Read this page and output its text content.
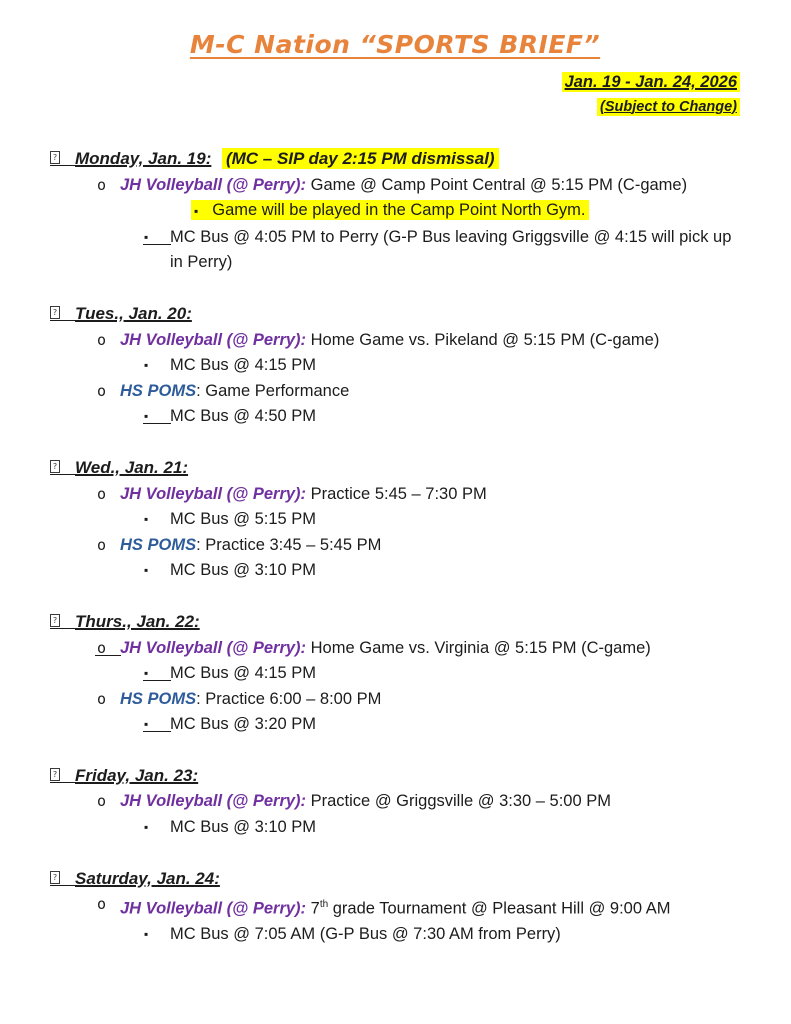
M-C Nation “SPORTS BRIEF”
Jan. 19 - Jan. 24, 2026
(Subject to Change)
? Monday, Jan. 19: (MC – SIP day 2:15 PM dismissal)
o JH Volleyball (@ Perry): Game @ Camp Point Central @ 5:15 PM (C-game)
▪ Game will be played in the Camp Point North Gym.
▪ MC Bus @ 4:05 PM to Perry (G-P Bus leaving Griggsville @ 4:15 will pick up in Perry)
? Tues., Jan. 20:
o JH Volleyball (@ Perry): Home Game vs. Pikeland @ 5:15 PM (C-game)
▪ MC Bus @ 4:15 PM
o HS POMS: Game Performance
▪ MC Bus @ 4:50 PM
? Wed., Jan. 21:
o JH Volleyball (@ Perry): Practice 5:45 – 7:30 PM
▪ MC Bus @ 5:15 PM
o HS POMS: Practice 3:45 – 5:45 PM
▪ MC Bus @ 3:10 PM
? Thurs., Jan. 22:
o JH Volleyball (@ Perry): Home Game vs. Virginia @ 5:15 PM (C-game)
▪ MC Bus @ 4:15 PM
o HS POMS: Practice 6:00 – 8:00 PM
▪ MC Bus @ 3:20 PM
? Friday, Jan. 23:
o JH Volleyball (@ Perry): Practice @ Griggsville @ 3:30 – 5:00 PM
▪ MC Bus @ 3:10 PM
? Saturday, Jan. 24:
o JH Volleyball (@ Perry): 7th grade Tournament @ Pleasant Hill @ 9:00 AM
▪ MC Bus @ 7:05 AM (G-P Bus @ 7:30 AM from Perry)
